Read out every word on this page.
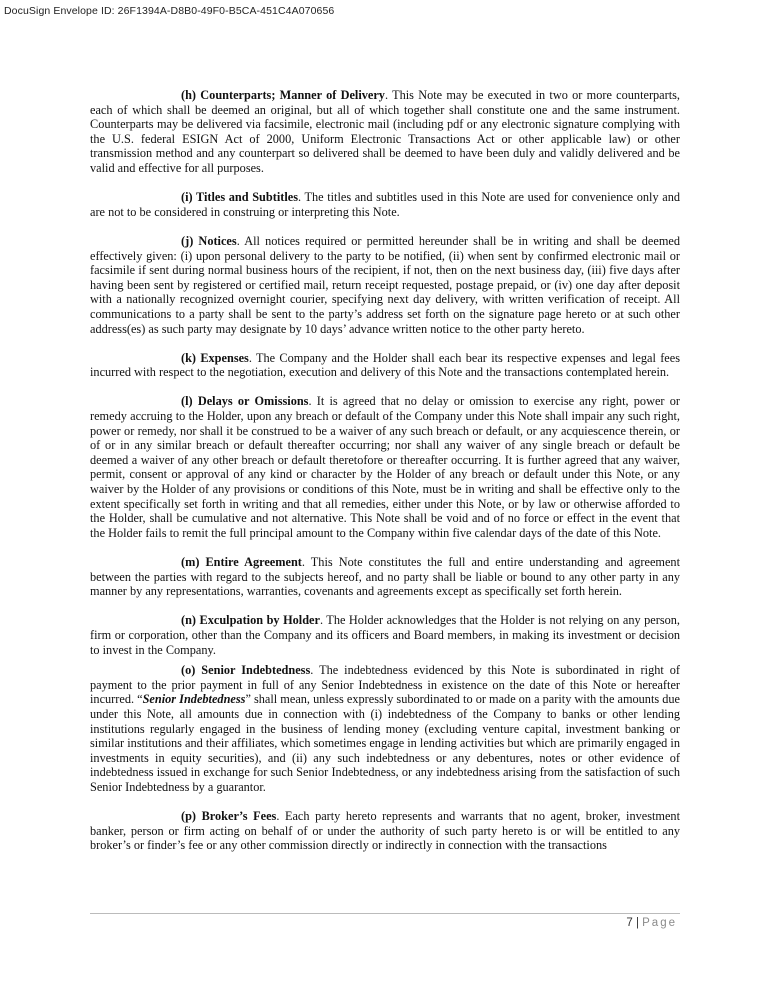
DocuSign Envelope ID: 26F1394A-D8B0-49F0-B5CA-451C4A070656

(h) Counterparts; Manner of Delivery. This Note may be executed in two or more counterparts, each of which shall be deemed an original, but all of which together shall constitute one and the same instrument. Counterparts may be delivered via facsimile, electronic mail (including pdf or any electronic signature complying with the U.S. federal ESIGN Act of 2000, Uniform Electronic Transactions Act or other applicable law) or other transmission method and any counterpart so delivered shall be deemed to have been duly and validly delivered and be valid and effective for all purposes.

(i) Titles and Subtitles. The titles and subtitles used in this Note are used for convenience only and are not to be considered in construing or interpreting this Note.

(j) Notices. All notices required or permitted hereunder shall be in writing and shall be deemed effectively given: (i) upon personal delivery to the party to be notified, (ii) when sent by confirmed electronic mail or facsimile if sent during normal business hours of the recipient, if not, then on the next business day, (iii) five days after having been sent by registered or certified mail, return receipt requested, postage prepaid, or (iv) one day after deposit with a nationally recognized overnight courier, specifying next day delivery, with written verification of receipt. All communications to a party shall be sent to the party’s address set forth on the signature page hereto or at such other address(es) as such party may designate by 10 days’ advance written notice to the other party hereto.

(k) Expenses. The Company and the Holder shall each bear its respective expenses and legal fees incurred with respect to the negotiation, execution and delivery of this Note and the transactions contemplated herein.

(l) Delays or Omissions. It is agreed that no delay or omission to exercise any right, power or remedy accruing to the Holder, upon any breach or default of the Company under this Note shall impair any such right, power or remedy, nor shall it be construed to be a waiver of any such breach or default, or any acquiescence therein, or of or in any similar breach or default thereafter occurring; nor shall any waiver of any single breach or default be deemed a waiver of any other breach or default theretofore or thereafter occurring. It is further agreed that any waiver, permit, consent or approval of any kind or character by the Holder of any breach or default under this Note, or any waiver by the Holder of any provisions or conditions of this Note, must be in writing and shall be effective only to the extent specifically set forth in writing and that all remedies, either under this Note, or by law or otherwise afforded to the Holder, shall be cumulative and not alternative. This Note shall be void and of no force or effect in the event that the Holder fails to remit the full principal amount to the Company within five calendar days of the date of this Note.

(m) Entire Agreement. This Note constitutes the full and entire understanding and agreement between the parties with regard to the subjects hereof, and no party shall be liable or bound to any other party in any manner by any representations, warranties, covenants and agreements except as specifically set forth herein.

(n) Exculpation by Holder. The Holder acknowledges that the Holder is not relying on any person, firm or corporation, other than the Company and its officers and Board members, in making its investment or decision to invest in the Company.

(o) Senior Indebtedness. The indebtedness evidenced by this Note is subordinated in right of payment to the prior payment in full of any Senior Indebtedness in existence on the date of this Note or hereafter incurred. “Senior Indebtedness” shall mean, unless expressly subordinated to or made on a parity with the amounts due under this Note, all amounts due in connection with (i) indebtedness of the Company to banks or other lending institutions regularly engaged in the business of lending money (excluding venture capital, investment banking or similar institutions and their affiliates, which sometimes engage in lending activities but which are primarily engaged in investments in equity securities), and (ii) any such indebtedness or any debentures, notes or other evidence of indebtedness issued in exchange for such Senior Indebtedness, or any indebtedness arising from the satisfaction of such Senior Indebtedness by a guarantor.

(p) Broker’s Fees. Each party hereto represents and warrants that no agent, broker, investment banker, person or firm acting on behalf of or under the authority of such party hereto is or will be entitled to any broker’s or finder’s fee or any other commission directly or indirectly in connection with the transactions

7 | Page
